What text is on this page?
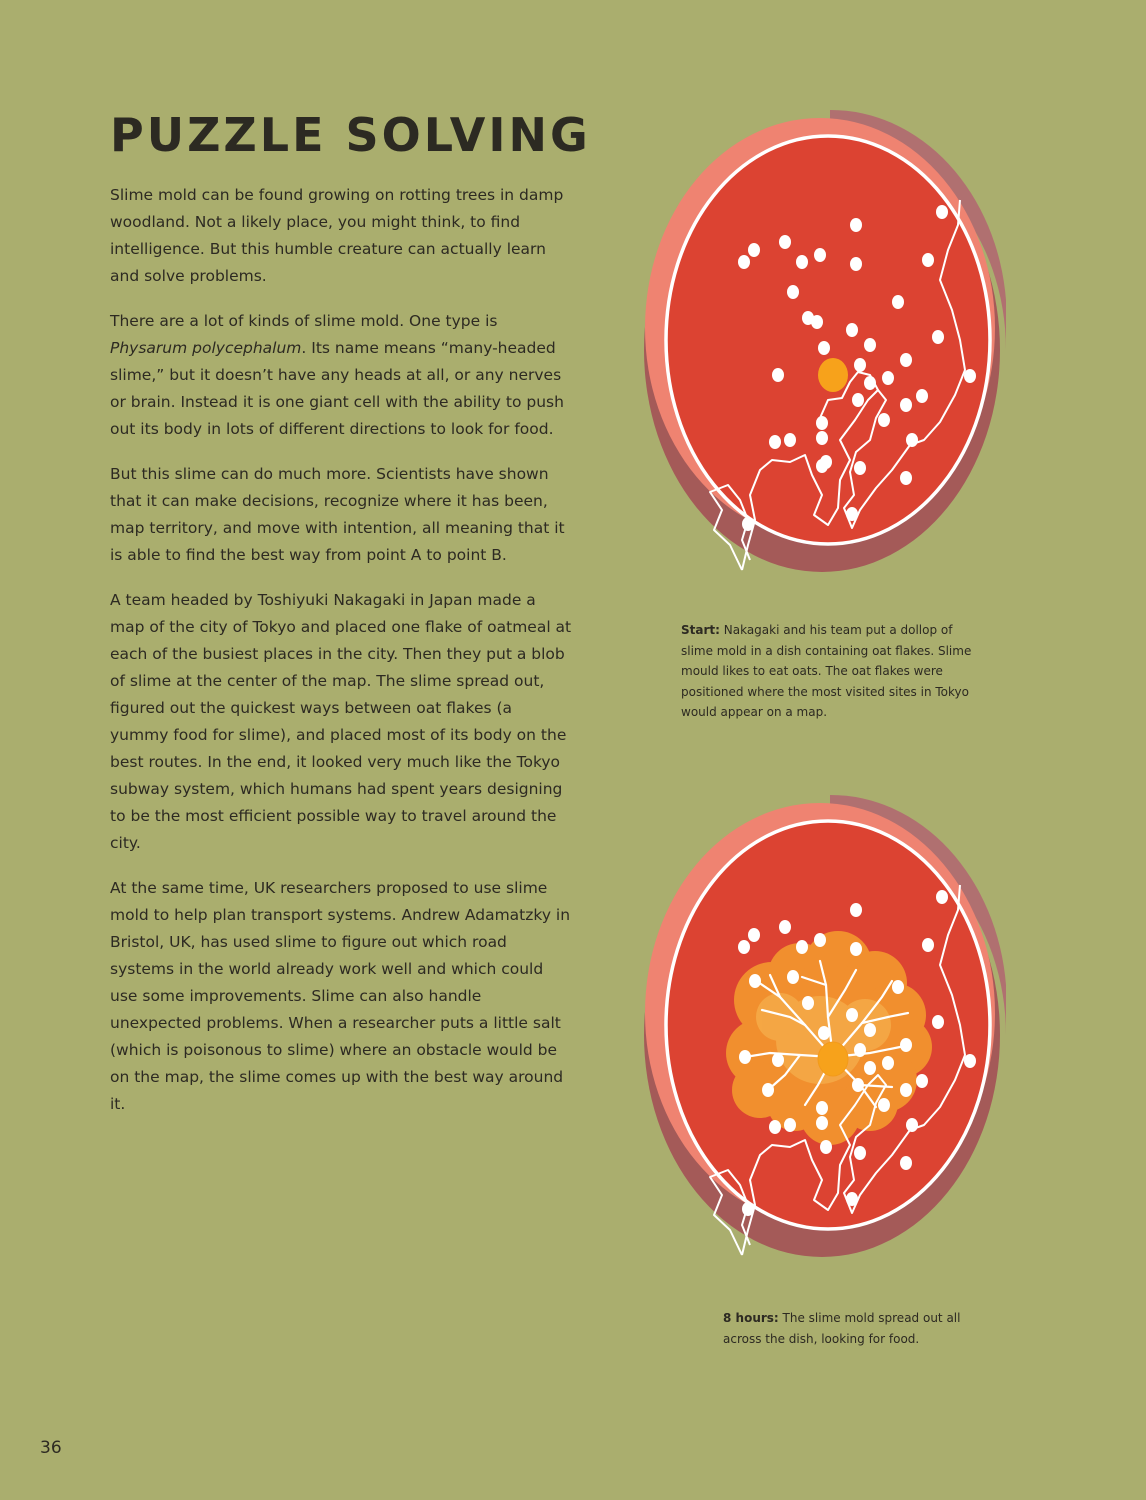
PUZZLE SOLVING

Slime mold can be found growing on rotting trees in damp woodland. Not a likely place, you might think, to find intelligence. But this humble creature can actually learn and solve problems.

There are a lot of kinds of slime mold. One type is Physarum polycephalum. Its name means “many-headed slime,” but it doesn’t have any heads at all, or any nerves or brain. Instead it is one giant cell with the ability to push out its body in lots of different directions to look for food.

But this slime can do much more. Scientists have shown that it can make decisions, recognize where it has been, map territory, and move with intention, all meaning that it is able to find the best way from point A to point B.

A team headed by Toshiyuki Nakagaki in Japan made a map of the city of Tokyo and placed one flake of oatmeal at each of the busiest places in the city. Then they put a blob of slime at the center of the map. The slime spread out, figured out the quickest ways between oat flakes (a yummy food for slime), and placed most of its body on the best routes. In the end, it looked very much like the Tokyo subway system, which humans had spent years designing to be the most efficient possible way to travel around the city.

At the same time, UK researchers proposed to use slime mold to help plan transport systems. Andrew Adamatzky in Bristol, UK, has used slime to figure out which road systems in the world already work well and which could use some improvements. Slime can also handle unexpected problems. When a researcher puts a little salt (which is poisonous to slime) where an obstacle would be on the map, the slime comes up with the best way around it.

Start: Nakagaki and his team put a dollop of slime mold in a dish containing oat flakes. Slime mould likes to eat oats. The oat flakes were positioned where the most visited sites in Tokyo would appear on a map.
8 hours: The slime mold spread out all across the dish, looking for food.
36
